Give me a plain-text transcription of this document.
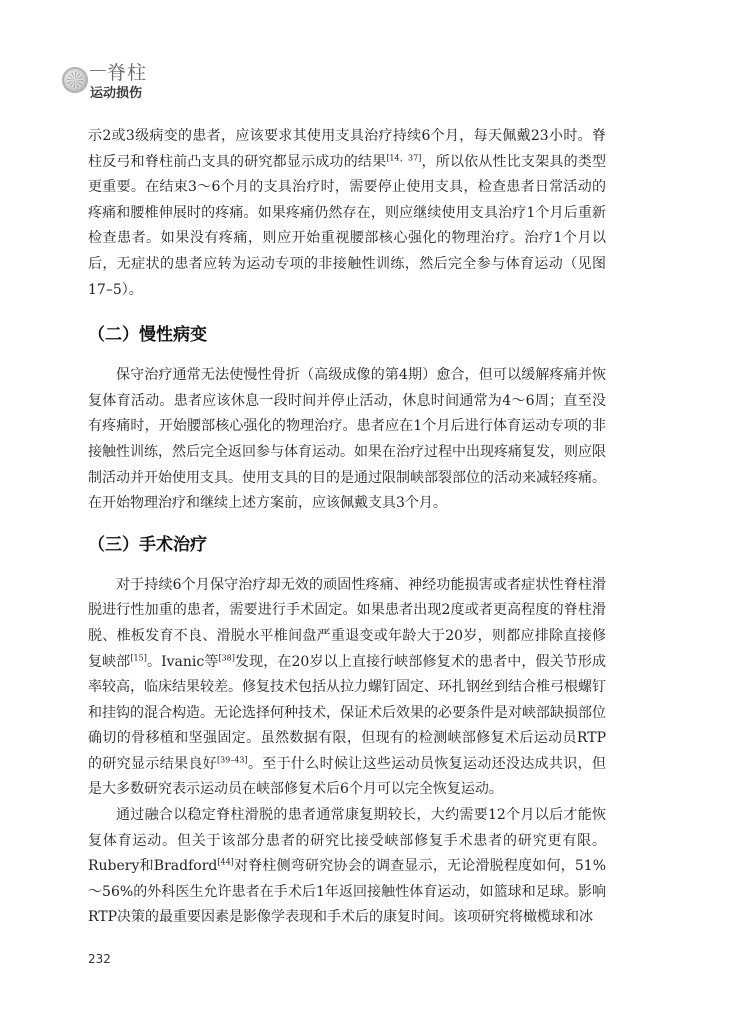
脊柱
运动损伤

示2或3级病变的患者，应该要求其使用支具治疗持续6个月，每天佩戴23小时。脊柱反弓和脊柱前凸支具的研究都显示成功的结果[14，37]，所以依从性比支架具的类型更重要。在结束3～6个月的支具治疗时，需要停止使用支具，检查患者日常活动的疼痛和腰椎伸展时的疼痛。如果疼痛仍然存在，则应继续使用支具治疗1个月后重新检查患者。如果没有疼痛，则应开始重视腰部核心强化的物理治疗。治疗1个月以后，无症状的患者应转为运动专项的非接触性训练，然后完全参与体育运动（见图17–5）。

（二）慢性病变

保守治疗通常无法使慢性骨折（高级成像的第4期）愈合，但可以缓解疼痛并恢复体育活动。患者应该休息一段时间并停止活动，休息时间通常为4～6周；直至没有疼痛时，开始腰部核心强化的物理治疗。患者应在1个月后进行体育运动专项的非接触性训练，然后完全返回参与体育运动。如果在治疗过程中出现疼痛复发，则应限制活动并开始使用支具。使用支具的目的是通过限制峡部裂部位的活动来减轻疼痛。在开始物理治疗和继续上述方案前，应该佩戴支具3个月。

（三）手术治疗

对于持续6个月保守治疗却无效的顽固性疼痛、神经功能损害或者症状性脊柱滑脱进行性加重的患者，需要进行手术固定。如果患者出现2度或者更高程度的脊柱滑脱、椎板发育不良、滑脱水平椎间盘严重退变或年龄大于20岁，则都应排除直接修复峡部[15]。Ivanic等[38]发现，在20岁以上直接行峡部修复术的患者中，假关节形成率较高，临床结果较差。修复技术包括从拉力螺钉固定、环扎钢丝到结合椎弓根螺钉和挂钩的混合构造。无论选择何种技术，保证术后效果的必要条件是对峡部缺损部位确切的骨移植和坚强固定。虽然数据有限，但现有的检测峡部修复术后运动员RTP的研究显示结果良好[39–43]。至于什么时候让这些运动员恢复运动还没达成共识，但是大多数研究表示运动员在峡部修复术后6个月可以完全恢复运动。

通过融合以稳定脊柱滑脱的患者通常康复期较长，大约需要12个月以后才能恢复体育运动。但关于该部分患者的研究比接受峡部修复手术患者的研究更有限。Rubery和Bradford[44]对脊柱侧弯研究协会的调查显示，无论滑脱程度如何，51%～56%的外科医生允许患者在手术后1年返回接触性体育运动，如篮球和足球。影响RTP决策的最重要因素是影像学表现和手术后的康复时间。该项研究将橄榄球和冰

232
